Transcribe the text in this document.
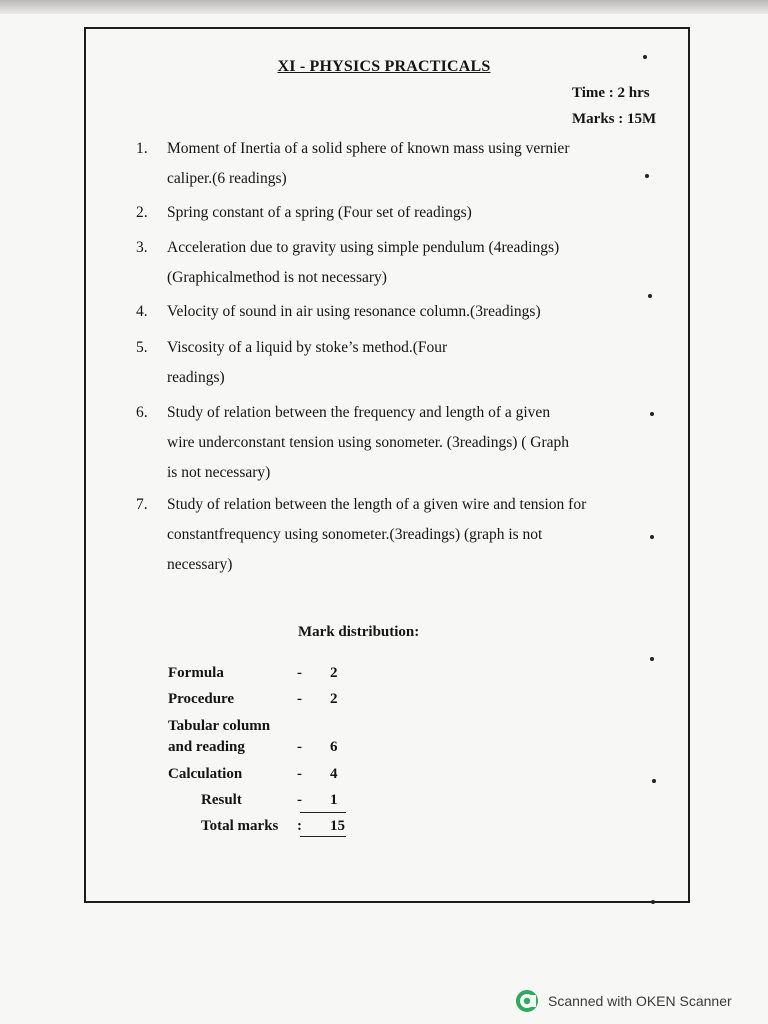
XI - PHYSICS PRACTICALS
Time : 2 hrs
Marks : 15M
1.	Moment of Inertia of a solid sphere of known mass using vernier
caliper.(6 readings)
2.	Spring constant of a spring (Four set of readings)
3.	Acceleration due to gravity using simple pendulum (4readings)
(Graphicalmethod is not necessary)
4.	Velocity of sound in air using resonance column.(3readings)
5.	Viscosity of a liquid by stoke’s method.(Four
readings)
6.	Study of relation between the frequency and length of a given
wire underconstant tension using sonometer. (3readings) ( Graph
is not necessary)
7.	Study of relation between the length of a given wire and tension for
constantfrequency using sonometer.(3readings) (graph is not
necessary)
Mark distribution:
Formula	- 2
Procedure	- 2
Tabular column
and reading	- 6
Calculation	- 4
Result	- 1
Total marks : 15
Scanned with OKEN Scanner
